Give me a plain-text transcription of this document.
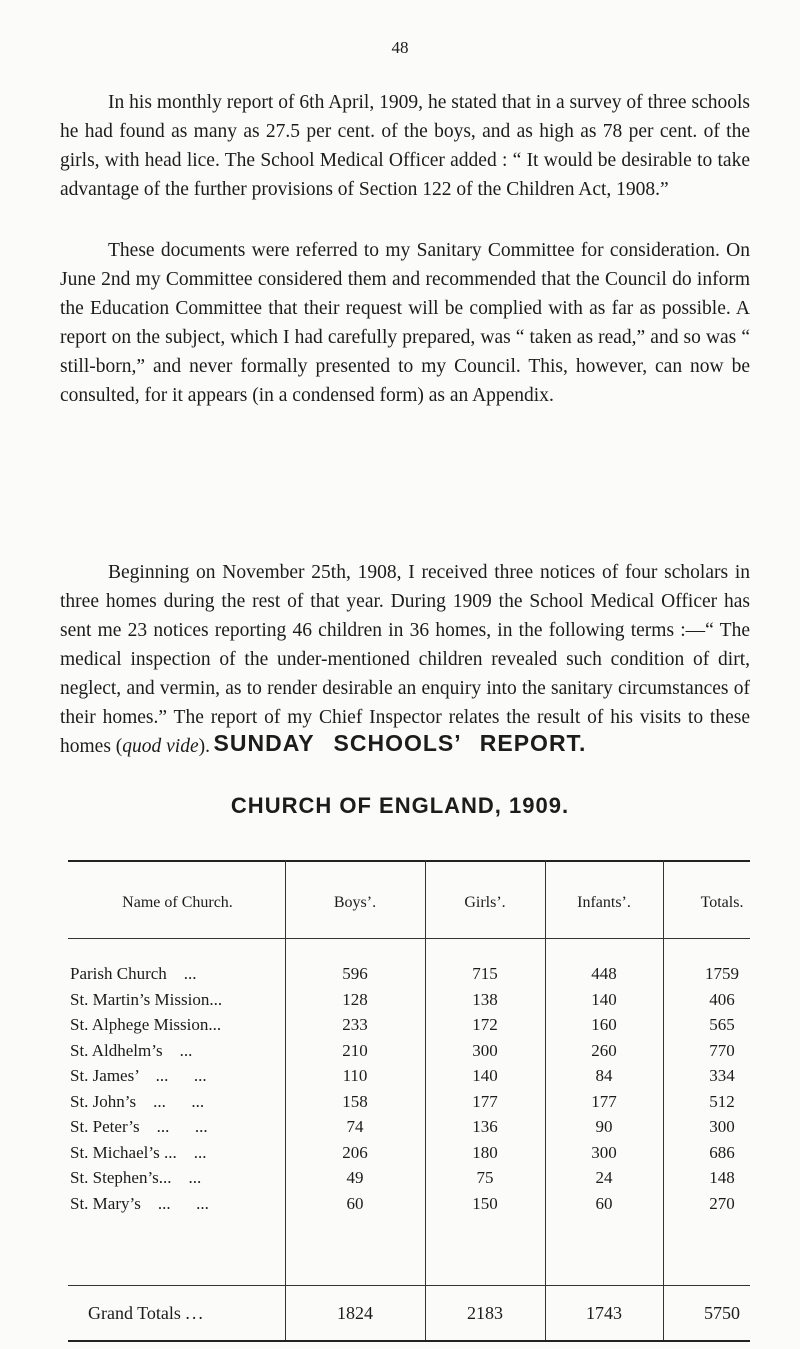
48

In his monthly report of 6th April, 1909, he stated that in a survey of three schools he had found as many as 27.5 per cent. of the boys, and as high as 78 per cent. of the girls, with head lice. The School Medical Officer added : “ It would be desirable to take advantage of the further provisions of Section 122 of the Children Act, 1908.”

These documents were referred to my Sanitary Committee for consideration. On June 2nd my Committee considered them and recommended that the Council do inform the Education Committee that their request will be complied with as far as possible. A report on the subject, which I had carefully prepared, was “ taken as read,” and so was “ still-born,” and never formally presented to my Council. This, however, can now be consulted, for it appears (in a condensed form) as an Appendix.

Beginning on November 25th, 1908, I received three notices of four scholars in three homes during the rest of that year. During 1909 the School Medical Officer has sent me 23 notices reporting 46 children in 36 homes, in the following terms :—“ The medical inspection of the under-mentioned children revealed such condition of dirt, neglect, and vermin, as to render desirable an enquiry into the sanitary circumstances of their homes.” The report of my Chief Inspector relates the result of his visits to these homes (quod vide). SUNDAY SCHOOLS’ REPORT.
CHURCH OF ENGLAND, 1909.
Name of Church.	Boys’.	Girls’.	Infants’.	Totals.
Parish Church    ...	596	715	448	1759
St. Martin’s Mission...	128	138	140	406
St. Alphege Mission...	233	172	160	565
St. Aldhelm’s    ...	210	300	260	770
St. James’    ...      ...	110	140	84	334
St. John’s    ...      ...	158	177	177	512
St. Peter’s    ...      ...	74	136	90	300
St. Michael’s ...    ...	206	180	300	686
St. Stephen’s...    ...	49	75	24	148
St. Mary’s    ...      ...	60	150	60	270
Grand Totals ...	1824	2183	1743	5750
